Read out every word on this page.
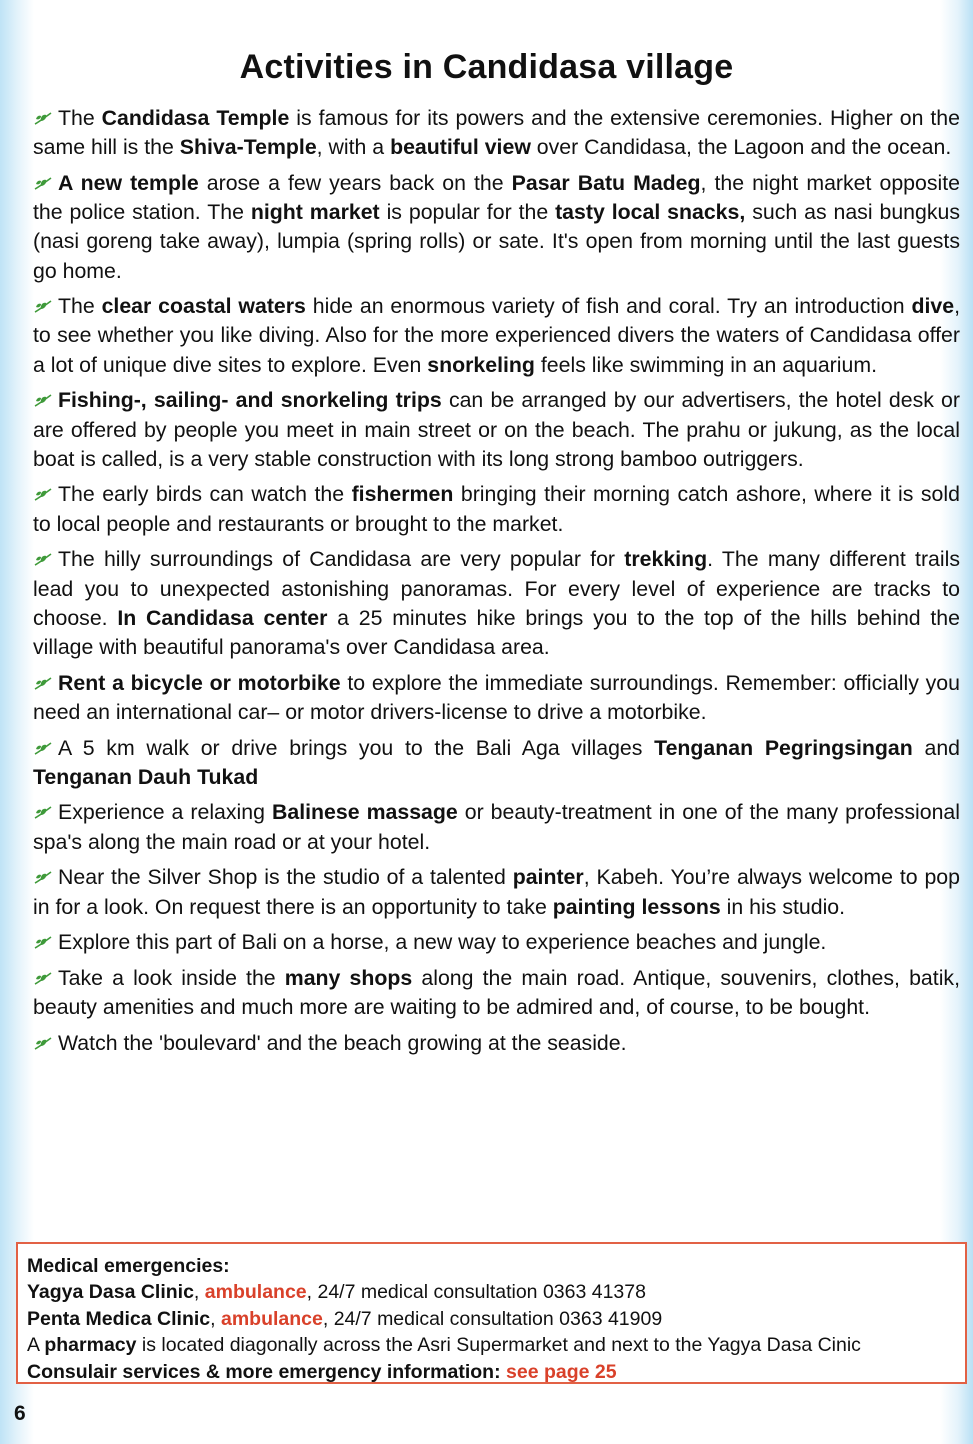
Activities in Candidasa village

The Candidasa Temple is famous for its powers and the extensive ceremonies. Higher on the same hill is the Shiva-Temple, with a beautiful view over Candidasa, the Lagoon and the ocean.

A new temple arose a few years back on the Pasar Batu Madeg, the night market opposite the police station. The night market is popular for the tasty local snacks, such as nasi bungkus (nasi goreng take away), lumpia (spring rolls) or sate. It's open from morning until the last guests go home.

The clear coastal waters hide an enormous variety of fish and coral. Try an introduction dive, to see whether you like diving. Also for the more experienced divers the waters of Candidasa offer a lot of unique dive sites to explore. Even snorkeling feels like swimming in an aquarium.

Fishing-, sailing- and snorkeling trips can be arranged by our advertisers, the hotel desk or are offered by people you meet in main street or on the beach. The prahu or jukung, as the local boat is called, is a very stable construction with its long strong bamboo outriggers.

The early birds can watch the fishermen bringing their morning catch ashore, where it is sold to local people and restaurants or brought to the market.

The hilly surroundings of Candidasa are very popular for trekking. The many different trails lead you to unexpected astonishing panoramas. For every level of experience are tracks to choose. In Candidasa center a 25 minutes hike brings you to the top of the hills behind the village with beautiful panorama's over Candidasa area.

Rent a bicycle or motorbike to explore the immediate surroundings. Remember: officially you need an international car– or motor drivers-license to drive a motorbike.

A 5 km walk or drive brings you to the Bali Aga villages Tenganan Pegringsingan and Tenganan Dauh Tukad

Experience a relaxing Balinese massage or beauty-treatment in one of the many professional spa's along the main road or at your hotel.

Near the Silver Shop is the studio of a talented painter, Kabeh. You’re always welcome to pop in for a look. On request there is an opportunity to take painting lessons in his studio.

Explore this part of Bali on a horse, a new way to experience beaches and jungle.

Take a look inside the many shops along the main road. Antique, souvenirs, clothes, batik, beauty amenities and much more are waiting to be admired and, of course, to be bought.

Watch the 'boulevard' and the beach growing at the seaside.

Medical emergencies:
Yagya Dasa Clinic, ambulance, 24/7 medical consultation 0363 41378
Penta Medica Clinic, ambulance, 24/7 medical consultation 0363 41909
A pharmacy is located diagonally across the Asri Supermarket and next to the Yagya Dasa Cinic
Consulair services & more emergency information: see page 25
6
